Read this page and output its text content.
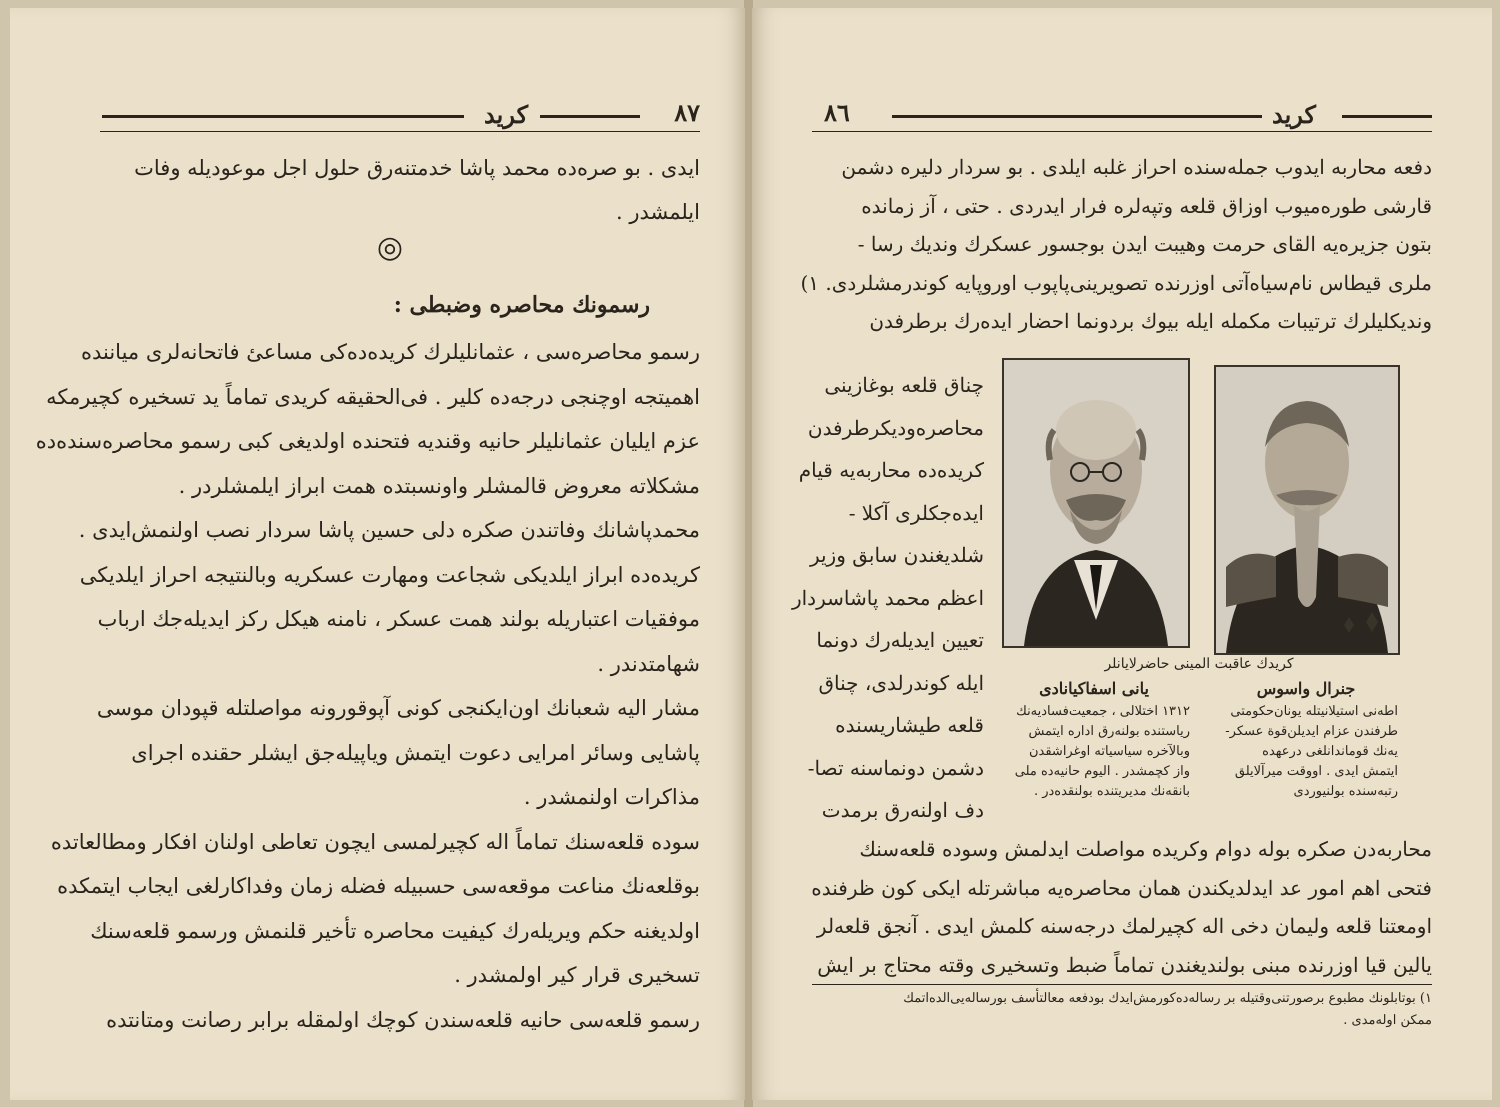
٨٧
كريد
ايدی . بو صرەدە محمد پاشا خدمتنه‌رق حلول اجل موعوديله وفات
ايلمشدر .
◎
رسمونك محاصره وضبطى :

رسمو محاصرەسى ، عثمانليلرك كريدەدەكى مساعئ فاتحانەلرى ميانندە
اهميتجە اوچنجى درجەدە كلير . فى‌الحقيقه كريدى تماماً يد تسخيرە كچيرمكه
عزم ايليان عثمانليلر حانيه وقنديه فتحندە اولديغى كبى رسمو محاصرەسندەدە
مشكلاته معروض قالمشلر واونسبتده همت ابراز ايلمشلردر .

محمدپاشانك وفاتندن صكره دلى حسين پاشا سردار نصب اولنمش‌ايدى .
كريدەدە ابراز ايلديكى شجاعت ومهارت عسكريه وبالنتيجه احراز ايلديكى
موفقيات اعتباريله بولند همت عسكر ، نامنه هيكل ركز ايديله‌جك ارباب
شهامتدندر .

مشار اليه شعبانك اون‌ايكنجى كونى آپوقورونه مواصلتله قپودان موسى
پاشايى وسائر امرايى دعوت ايتمش وياپيله‌جق ايشلر حقندە اجراى
مذاكرات اولنمشدر .

سودە قلعەسنك تماماً اله كچيرلمسى ايچون تعاطى اولنان افكار ومطالعاتدە
بوقلعەنك مناعت موقعەسى حسبيله فضله زمان وفداكارلغى ايجاب ايتمكدە
اولديغنه حكم ويريله‌رك كيفيت محاصره تأخير قلنمش ورسمو قلعەسنك
تسخيرى قرار كير اولمشدر .

رسمو قلعەسى حانيه قلعەسندن كوچك اولمقله برابر رصانت ومتانتدە

٨٦	كريد
دفعه محاربه ايدوب جملەسندە احراز غلبه ايلدى . بو سردار دليره دشمن
قارشى طورەميوب اوزاق قلعه وتپەلره فرار ايدردى . حتى ، آز زماندە
بتون جزيرەيه القاى حرمت وهيبت ايدن بوجسور عسكرك ونديك رسا -
ملرى قيطاس نام‌سياه‌آتى اوزرندە تصويرينى‌پاپوب اوروپايه كوندرمشلردى. ١)
ونديكليلرك ترتيبات مكمله ايله بيوك بردونما احضار ايدەرك برطرفدن
چناق قلعه بوغازينى
محاصرەودیكرطرفدن
كريدەدە محاربه‌يه قيام
ايده‌جكلرى آكلا -
شلديغندن سابق وزير
اعظم محمد پاشاسردار
تعيين ايديله‌رك دونما
ايله كوندرلدى، چناق
قلعه طيشاريسندە
دشمن دونماسنه تصا-
دف اولنەرق برمدت
كريدك عاقبت المينى حاضرلايانلر
جنرال واسوس
اطەنى استيلانيتله يونان‌حكومتى
طرفندن عزام ايديلن‌قوة عسكر-
يەنك قوماندانلغى درعهدە
ايتمش ايدى . اووقت ميرآلايلق
رتبەسندە بولنيوردى
يانى اسفاكيانادى
١٣١٢ اختلالى ، جمعيت‌فساديەنك
رياستندە بولنەرق ادارە ايتمش
وبالآخرە سياسياته اوغراشقدن
واز كچمشدر . اليوم حانيەدە ملى
بانقەنك مديريتندە بولنقدەدر .
محاربەدن صكره بوله دوام وكريده مواصلت ايدلمش وسوده قلعەسنك
فتحى اهم امور عد ايدلديكندن همان محاصرەيه مباشرتله ايكى كون ظرفندە
اومعتنا قلعه وليمان دخى اله كچيرلمك درجەسنه كلمش ايدى . آنجق قلعەلر
يالين قيا اوزرندە مبنى بولنديغندن تماماً ضبط وتسخيرى وقته محتاج بر ايش
١) بوتابلونك مطبوع برصورتنى‌وقتيله بر رسالەدەكورمش‌ايدك بودفعه معالتأسف بورسالەيى‌الدەاتمك
ممكن اولەمدى .
